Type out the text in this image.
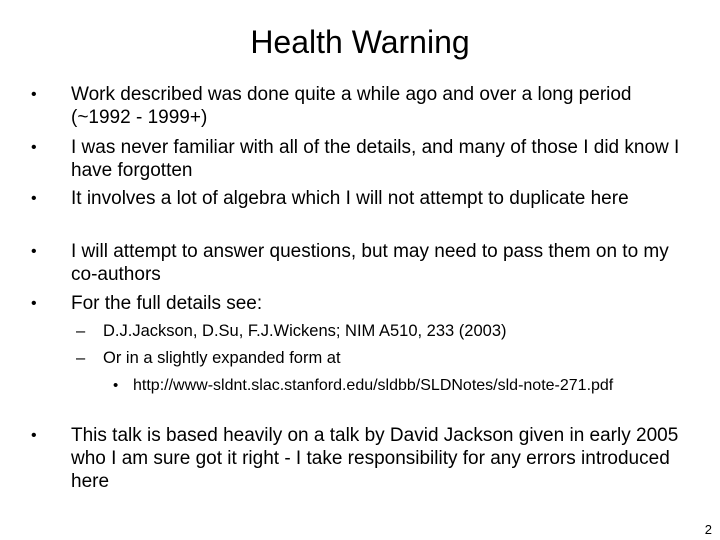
Health Warning
• Work described was done quite a while ago and over a long period (~1992 - 1999+)
• I was never familiar with all of the details, and many of those I did know I have forgotten
• It involves a lot of algebra which I will not attempt to duplicate here
• I will attempt to answer questions, but may need to pass them on to my co-authors
• For the full details see:
– D.J.Jackson, D.Su, F.J.Wickens; NIM A510, 233 (2003)
– Or in a slightly expanded form at
• http://www-sldnt.slac.stanford.edu/sldbb/SLDNotes/sld-note-271.pdf
• This talk is based heavily on a talk by David Jackson given in early 2005 who I am sure got it right - I take responsibility for any errors introduced here
2
